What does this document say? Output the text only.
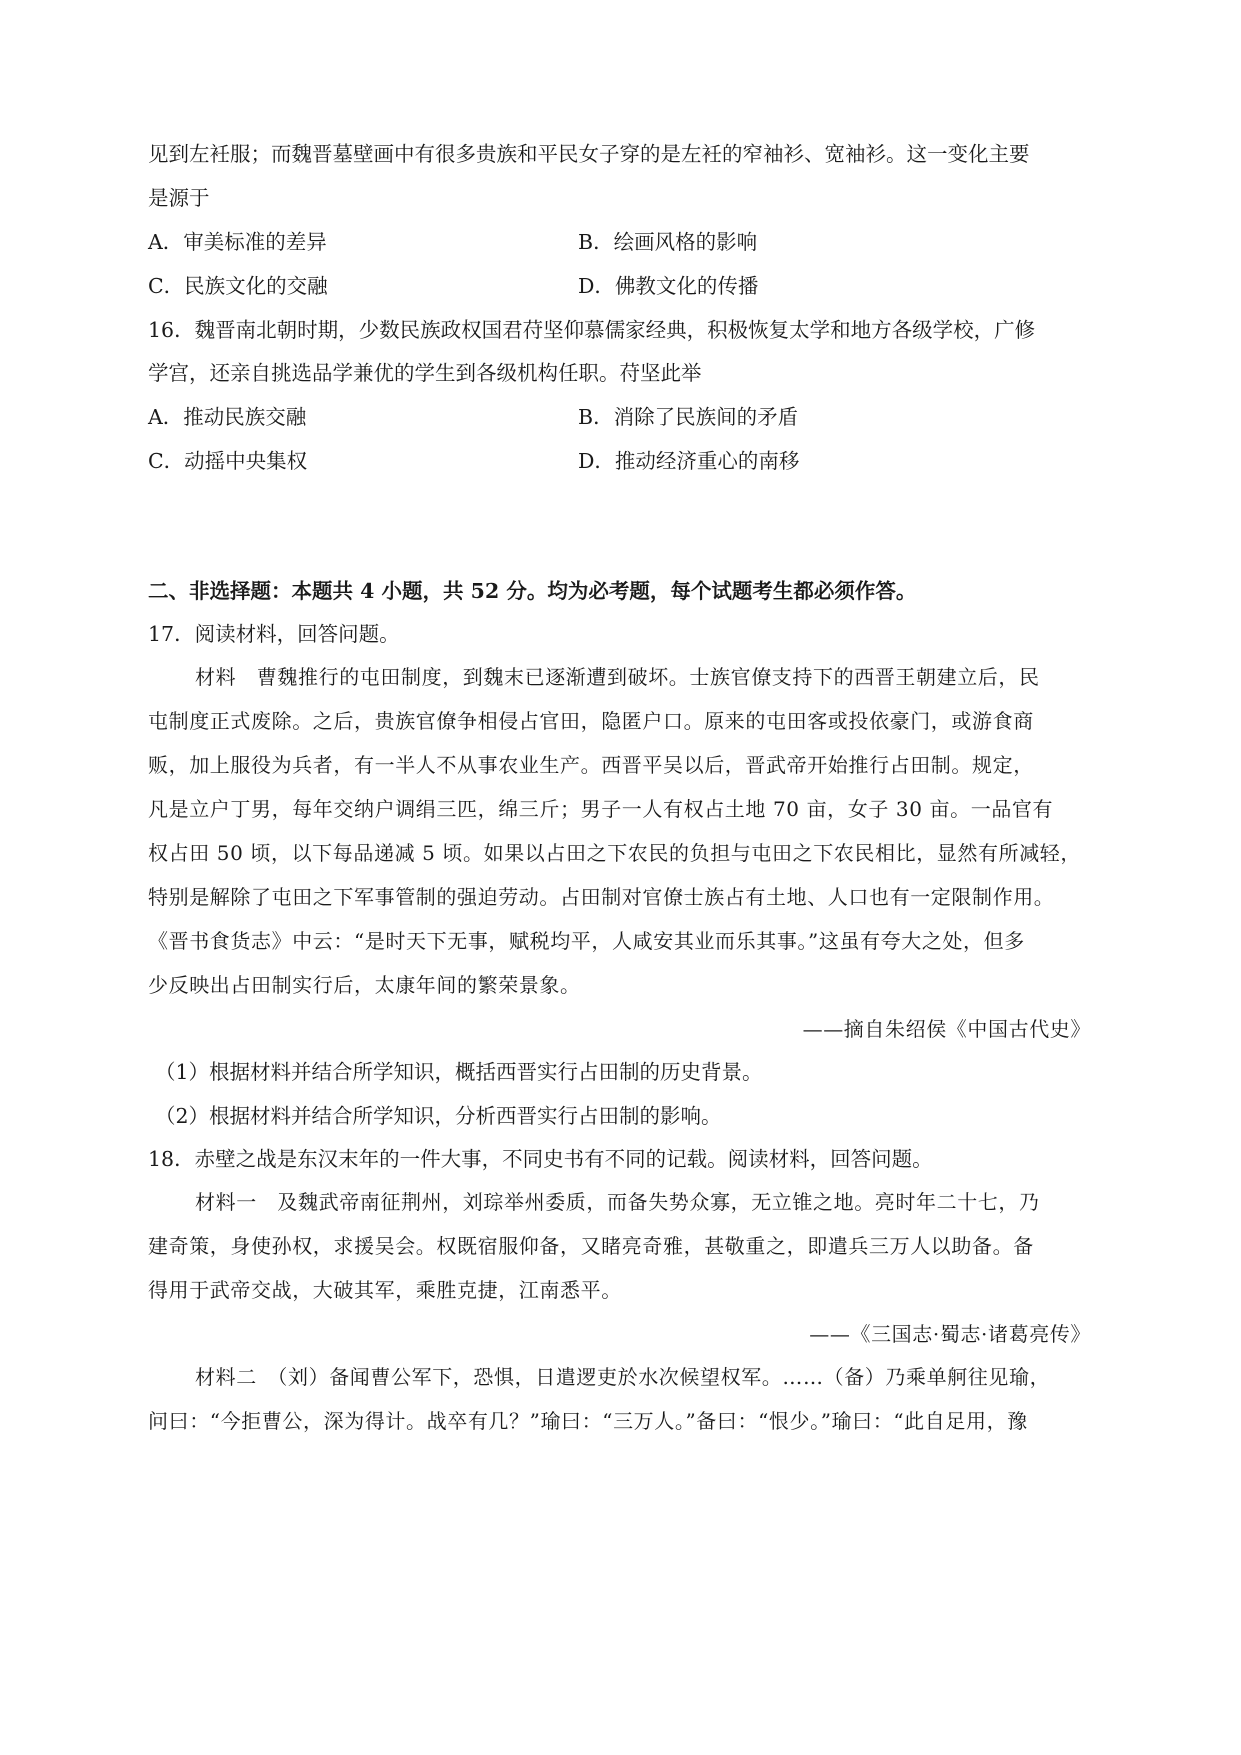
见到左衽服；而魏晋墓壁画中有很多贵族和平民女子穿的是左衽的窄袖衫、宽袖衫。这一变化主要
是源于
A．审美标准的差异	B．绘画风格的影响
C．民族文化的交融	D．佛教文化的传播
16．魏晋南北朝时期，少数民族政权国君苻坚仰慕儒家经典，积极恢复太学和地方各级学校，广修
学宫，还亲自挑选品学兼优的学生到各级机构任职。苻坚此举
A．推动民族交融	B．消除了民族间的矛盾
C．动摇中央集权	D．推动经济重心的南移
二、非选择题：本题共 4 小题，共 52 分。均为必考题，每个试题考生都必须作答。
17．阅读材料，回答问题。
材料　曹魏推行的屯田制度，到魏末已逐渐遭到破坏。士族官僚支持下的西晋王朝建立后，民
屯制度正式废除。之后，贵族官僚争相侵占官田，隐匿户口。原来的屯田客或投依豪门，或游食商
贩，加上服役为兵者，有一半人不从事农业生产。西晋平吴以后，晋武帝开始推行占田制。规定，
凡是立户丁男，每年交纳户调绢三匹，绵三斤；男子一人有权占土地 70 亩，女子 30 亩。一品官有
权占田 50 顷，以下每品递减 5 顷。如果以占田之下农民的负担与屯田之下农民相比，显然有所减轻，
特别是解除了屯田之下军事管制的强迫劳动。占田制对官僚士族占有土地、人口也有一定限制作用。
《晋书食货志》中云：“是时天下无事，赋税均平，人咸安其业而乐其事。”这虽有夸大之处，但多
少反映出占田制实行后，太康年间的繁荣景象。
——摘自朱绍侯《中国古代史》
（1）根据材料并结合所学知识，概括西晋实行占田制的历史背景。
（2）根据材料并结合所学知识，分析西晋实行占田制的影响。
18．赤壁之战是东汉末年的一件大事，不同史书有不同的记载。阅读材料，回答问题。
材料一　及魏武帝南征荆州，刘琮举州委质，而备失势众寡，无立锥之地。亮时年二十七，乃
建奇策，身使孙权，求援吴会。权既宿服仰备，又睹亮奇雅，甚敬重之，即遣兵三万人以助备。备
得用于武帝交战，大破其军，乘胜克捷，江南悉平。
——《三国志·蜀志·诸葛亮传》
材料二　（刘）备闻曹公军下，恐惧，日遣逻吏於水次候望权军。……（备）乃乘单舸往见瑜，
问曰：“今拒曹公，深为得计。战卒有几？”瑜曰：“三万人。”备曰：“恨少。”瑜曰：“此自足用，豫
